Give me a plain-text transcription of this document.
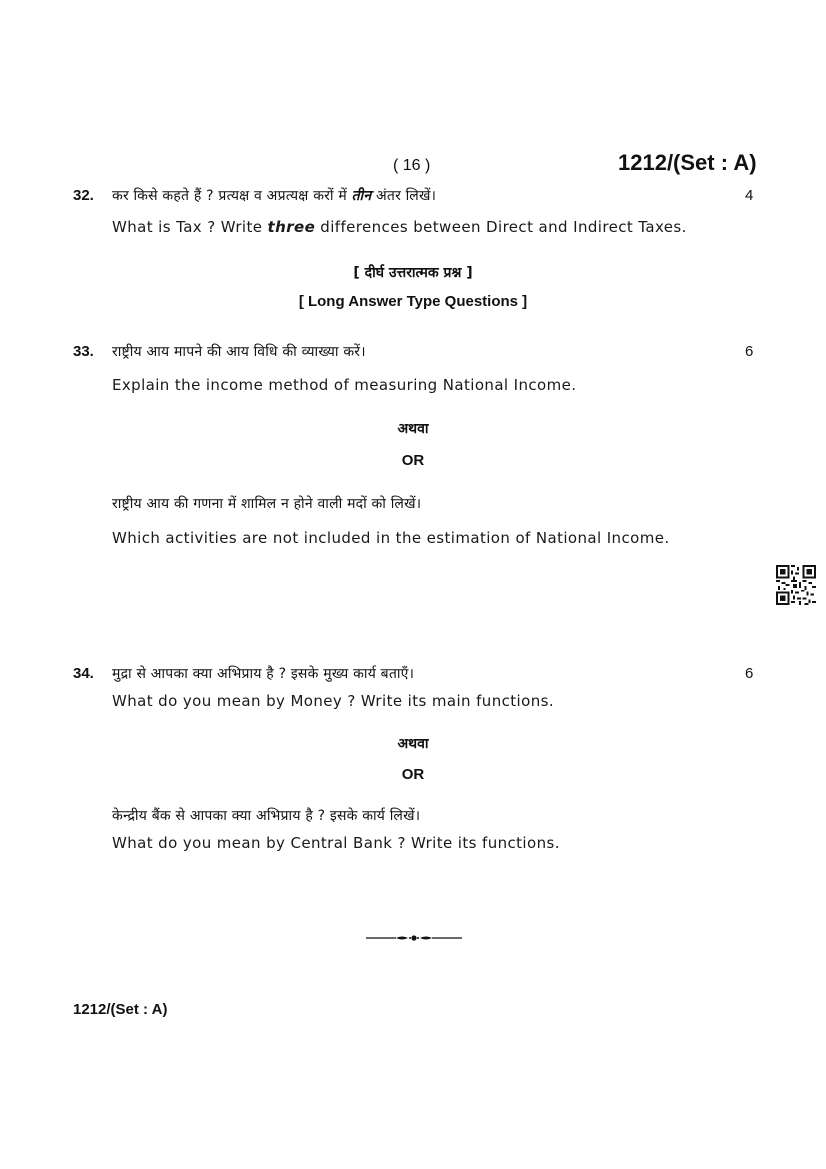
( 16 )	1212/(Set : A)
32. कर किसे कहते हैं ? प्रत्यक्ष व अप्रत्यक्ष करों में तीन अंतर लिखें।	4
What is Tax ? Write three differences between Direct and Indirect Taxes.
[ दीर्घ उत्तरात्मक प्रश्न ]
[ Long Answer Type Questions ]
33. राष्ट्रीय आय मापने की आय विधि की व्याख्या करें।	6
Explain the income method of measuring National Income.
अथवा
OR
राष्ट्रीय आय की गणना में शामिल न होने वाली मदों को लिखें।
Which activities are not included in the estimation of National Income.
34. मुद्रा से आपका क्या अभिप्राय है ? इसके मुख्य कार्य बताएँ।	6
What do you mean by Money ? Write its main functions.
अथवा
OR
केन्द्रीय बैंक से आपका क्या अभिप्राय है ? इसके कार्य लिखें।
What do you mean by Central Bank ? Write its functions.
1212/(Set : A)
